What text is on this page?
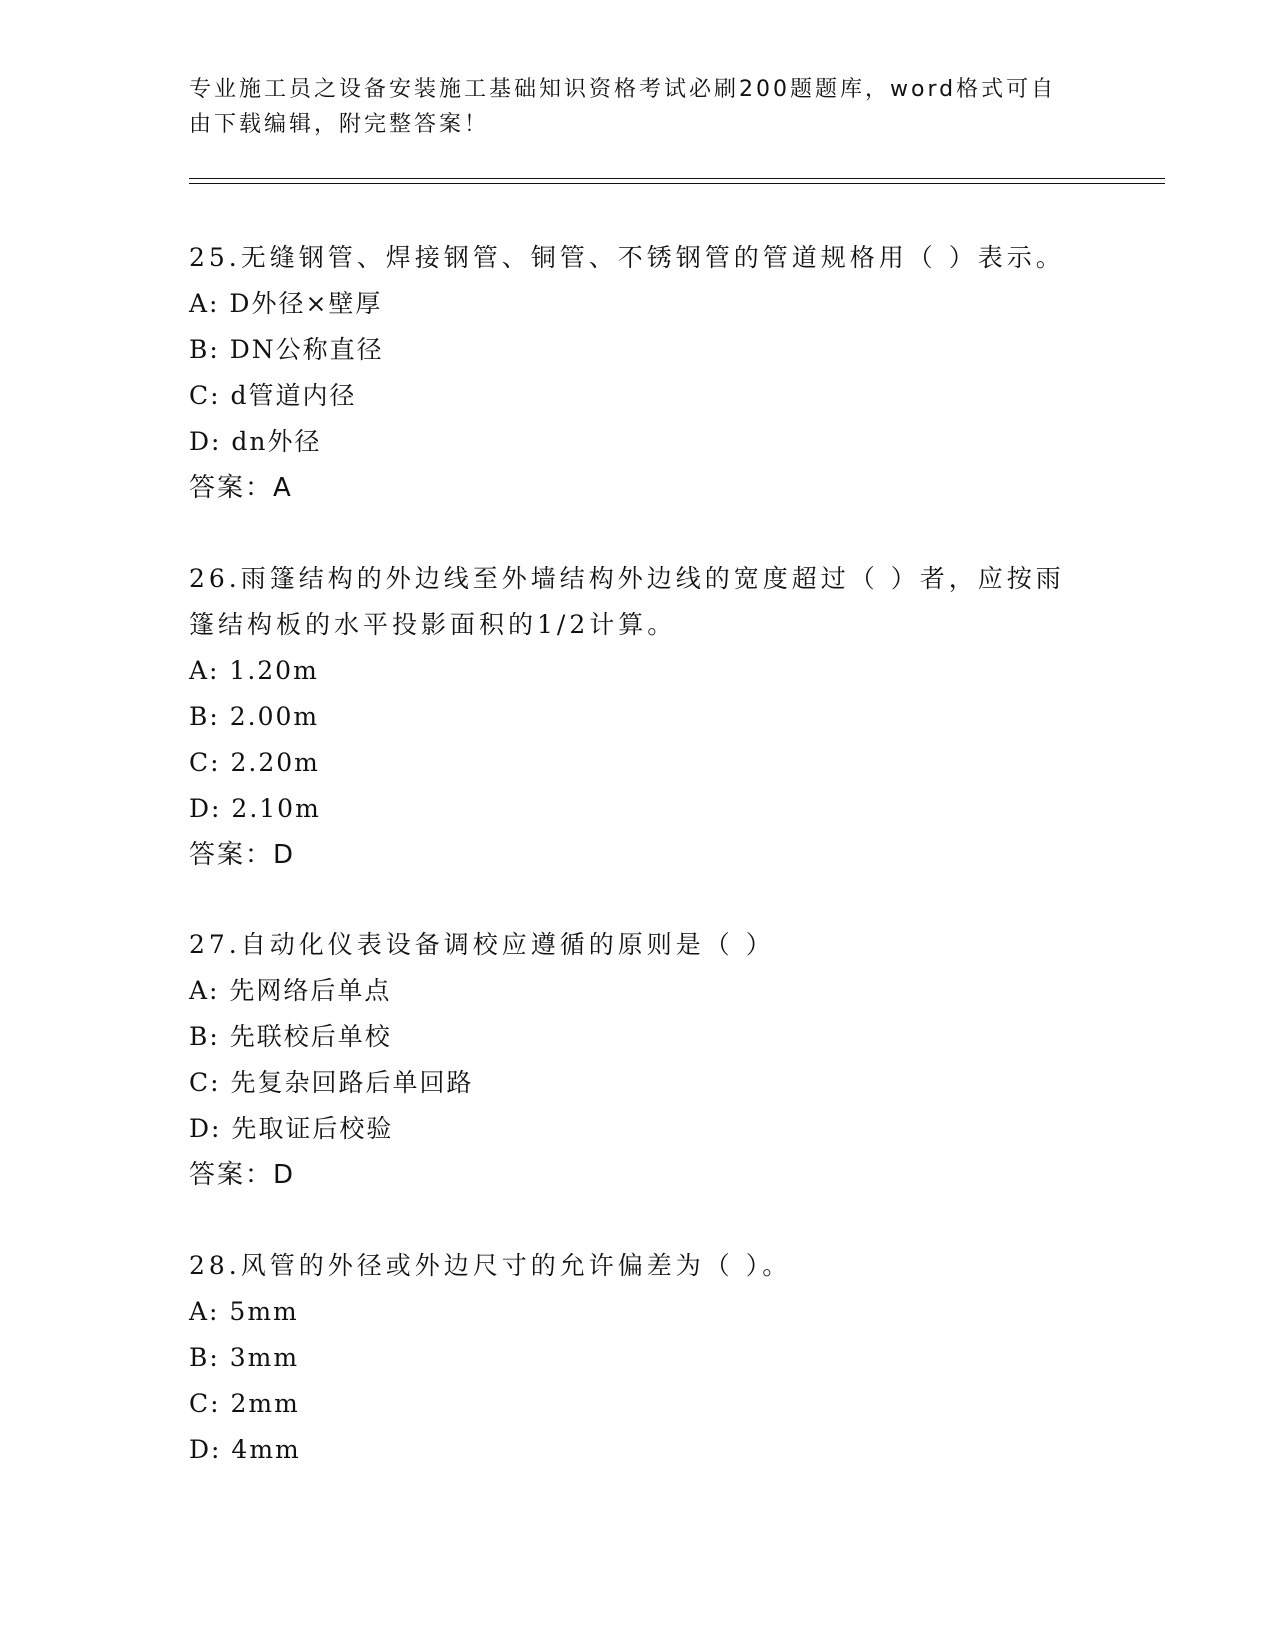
专业施工员之设备安装施工基础知识资格考试必刷200题题库，word格式可自由下载编辑，附完整答案！

25.无缝钢管、焊接钢管、铜管、不锈钢管的管道规格用（ ）表示。

A: D外径×壁厚

B: DN公称直径

C: d管道内径

D: dn外径

答案：A

26.雨篷结构的外边线至外墙结构外边线的宽度超过（ ）者，应按雨篷结构板的水平投影面积的1/2计算。

A: 1.20m

B: 2.00m

C: 2.20m

D: 2.10m

答案：D

27.自动化仪表设备调校应遵循的原则是（ ）

A: 先网络后单点

B: 先联校后单校

C: 先复杂回路后单回路

D: 先取证后校验

答案：D

28.风管的外径或外边尺寸的允许偏差为（ ）。

A: 5mm

B: 3mm

C: 2mm

D: 4mm
